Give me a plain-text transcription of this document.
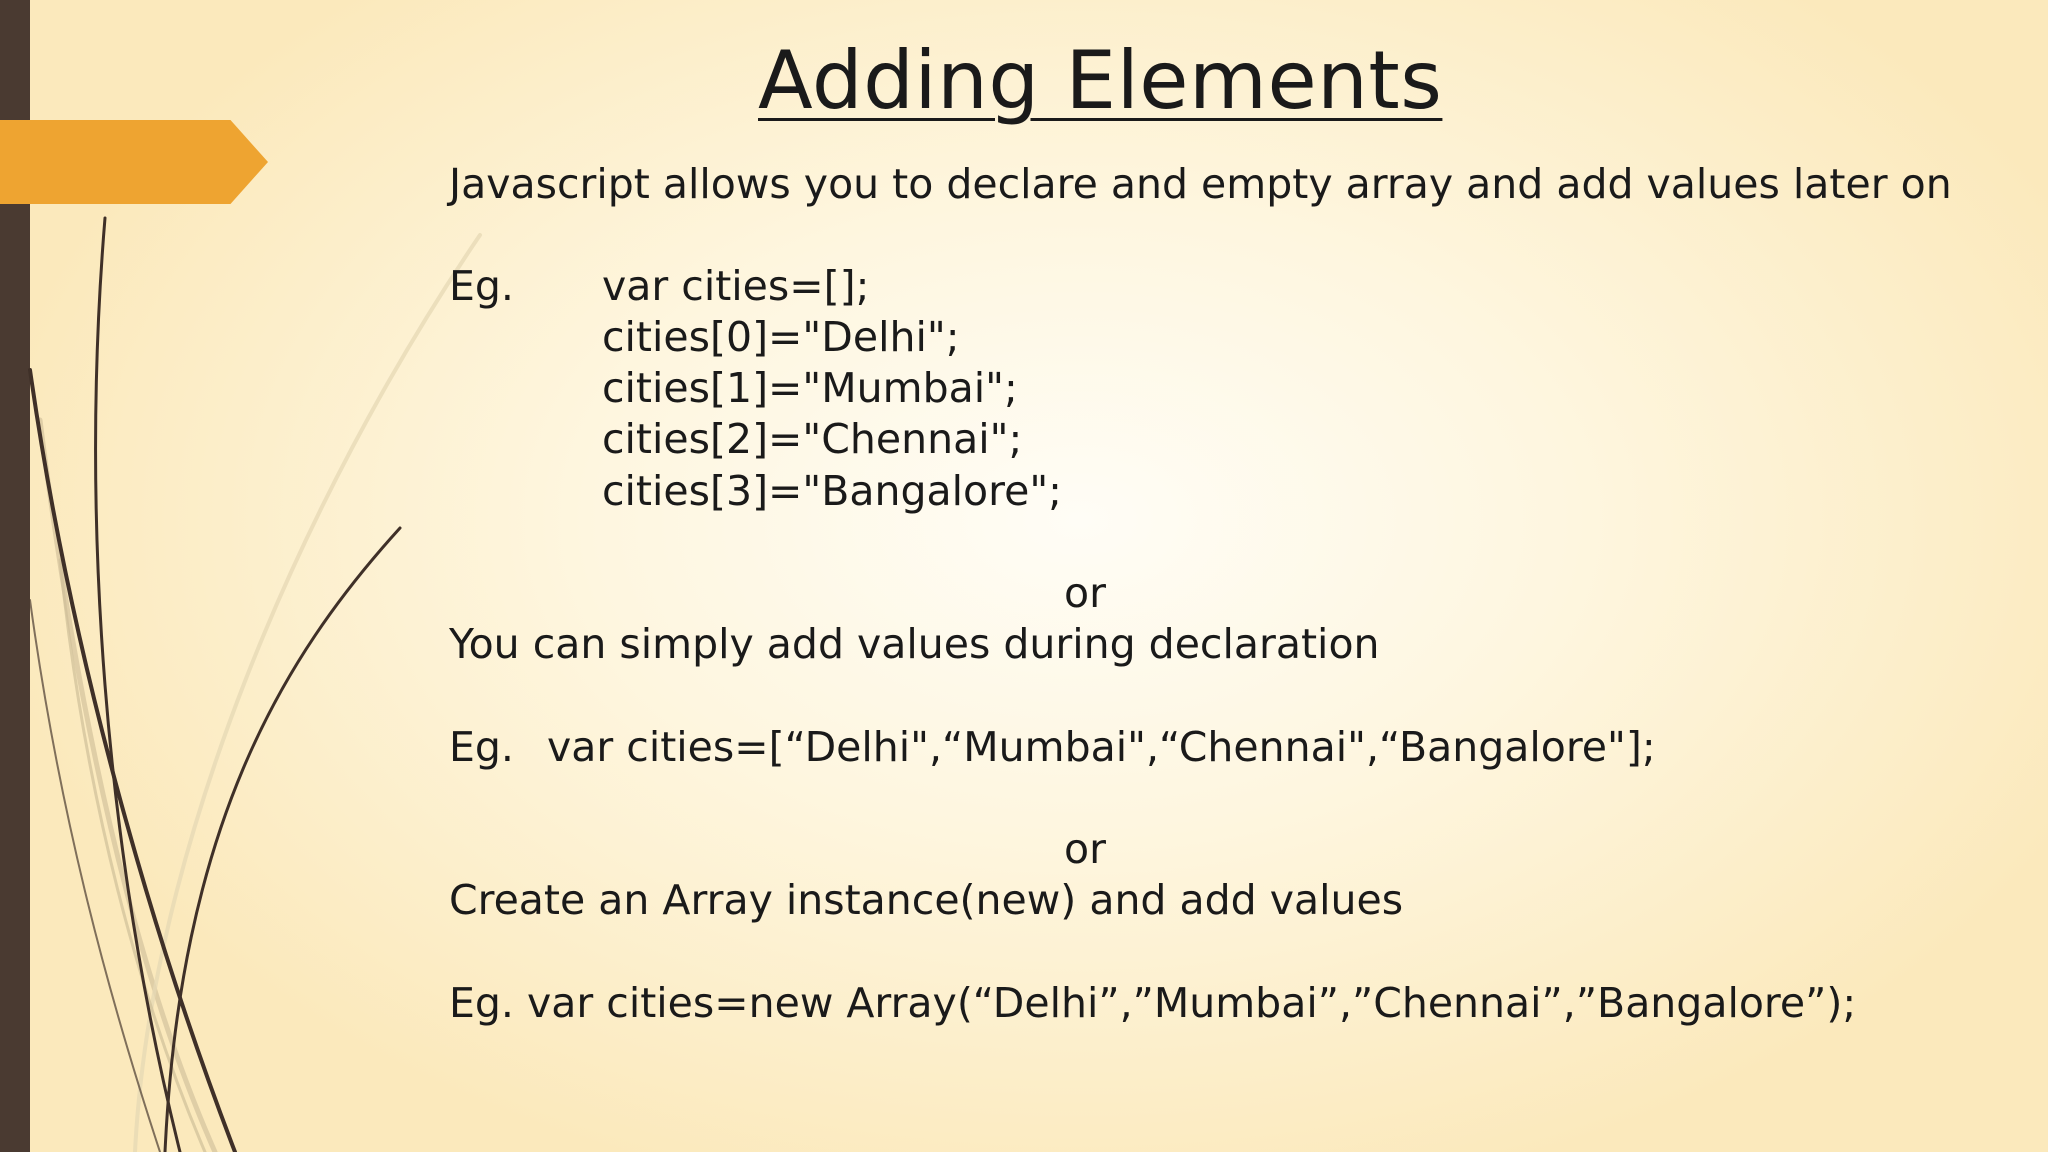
Adding Elements
Javascript allows you to declare and empty array and add values later on
Eg. var cities=[];
cities[0]="Delhi";
cities[1]="Mumbai";
cities[2]="Chennai";
cities[3]="Bangalore";
or
You can simply add values during declaration
Eg. var cities=[“Delhi",“Mumbai",“Chennai",“Bangalore"];
or
Create an Array instance(new) and add values
Eg. var cities=new Array(“Delhi”,”Mumbai”,”Chennai”,”Bangalore”);
